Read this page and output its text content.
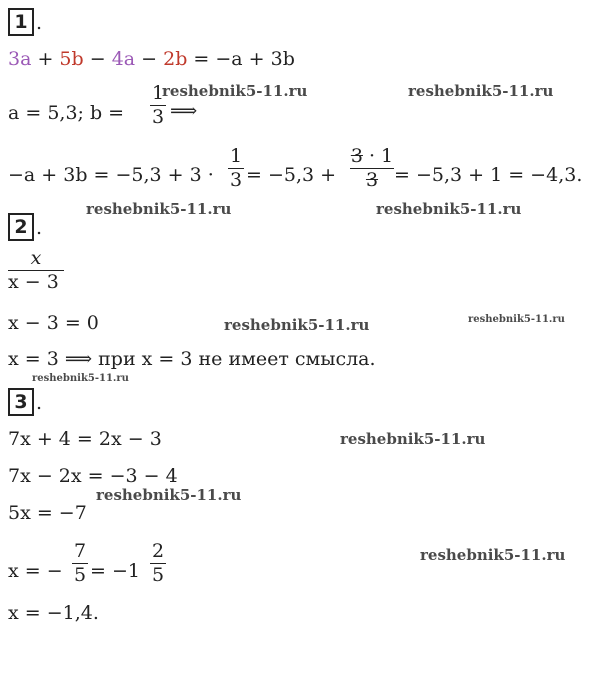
1 .
3a + 5b − 4a − 2b = −a + 3b
a = 5,3; b =
1
3 ⟹
−a + 3b = −5,3 + 3 ·
1
3 = −5,3 +
3 · 1
3 = −5,3 + 1 = −4,3.
2 .
x
x − 3
x − 3 = 0
x = 3 ⟹ при x = 3 не имеет смысла.
3 .
7x + 4 = 2x − 3
7x − 2x = −3 − 4
5x = −7
x = −
7
5 = −1
2
5
x = −1,4.
reshebnik5-11.ru	reshebnik5-11.ru
reshebnik5-11.ru	reshebnik5-11.ru
reshebnik5-11.ru	reshebnik5-11.ru
reshebnik5-11.ru
reshebnik5-11.ru
reshebnik5-11.ru
reshebnik5-11.ru
